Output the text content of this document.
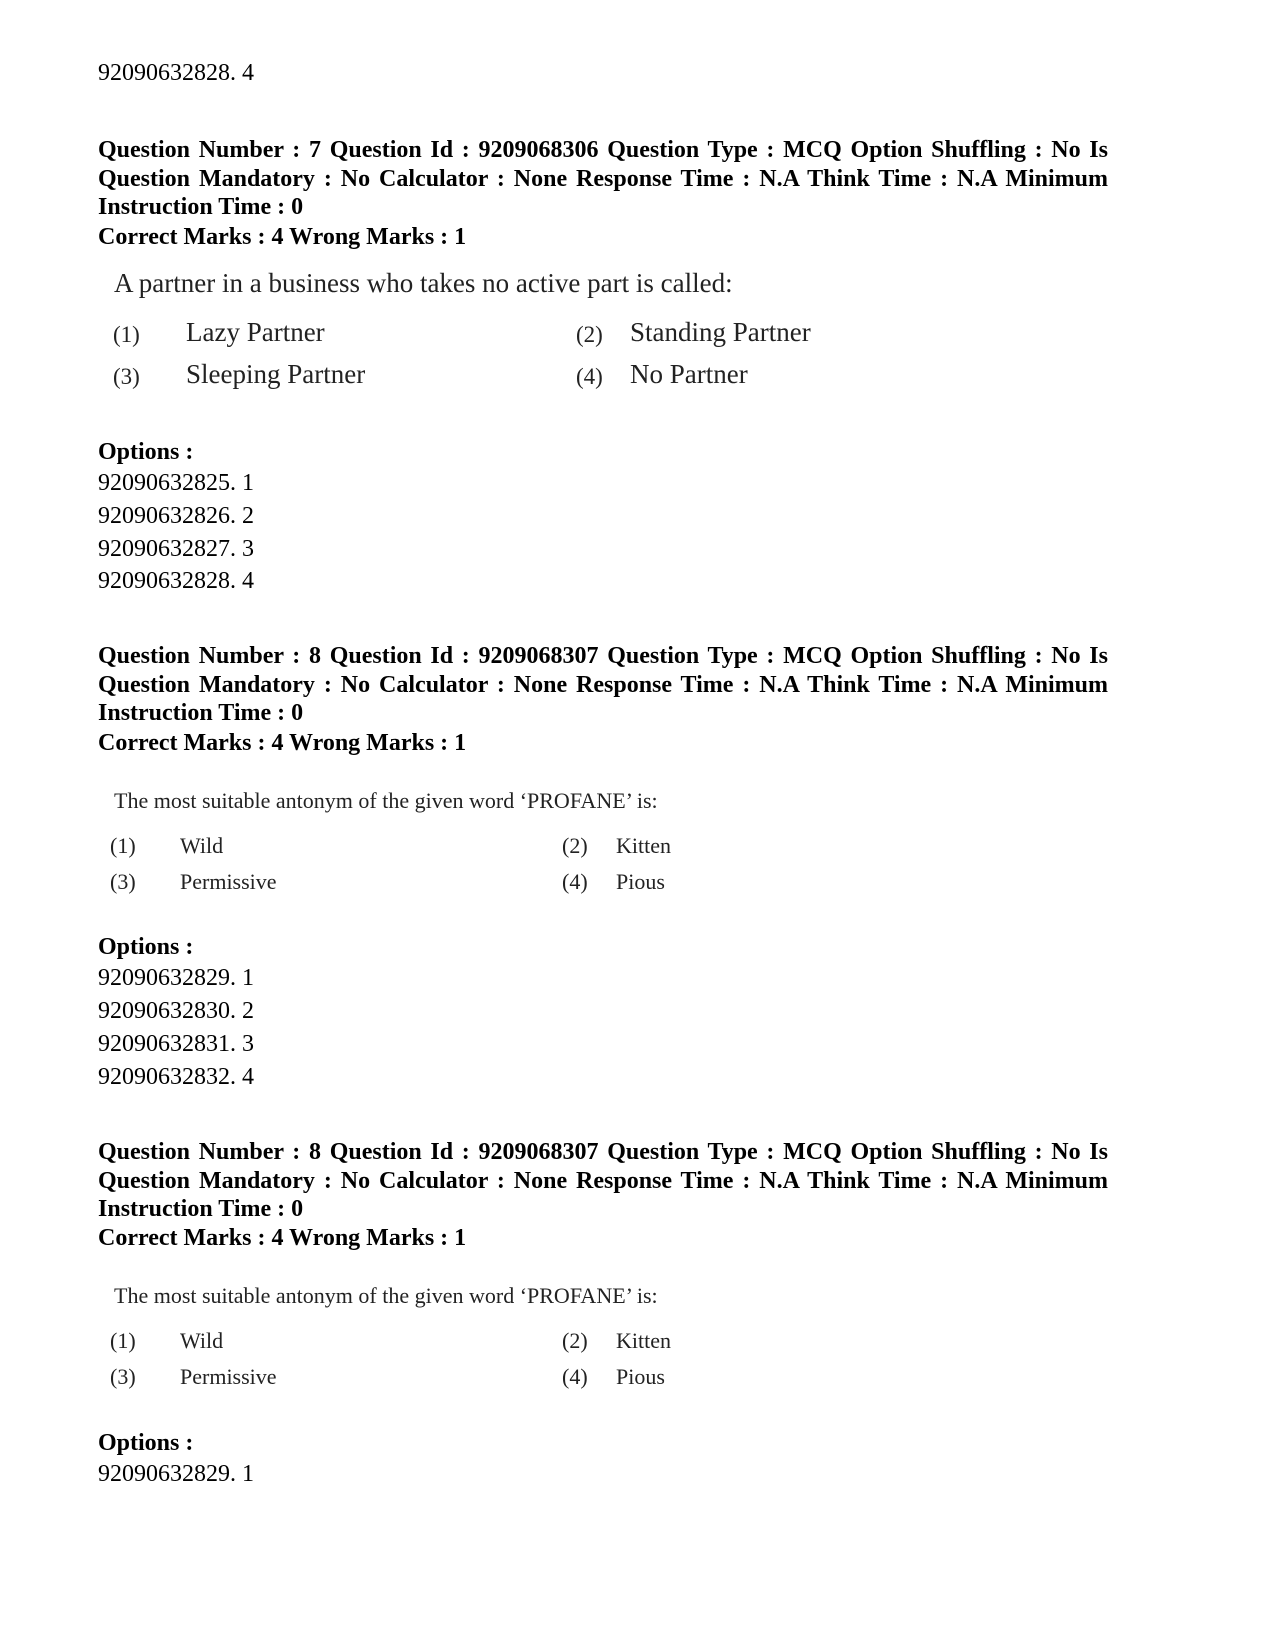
92090632828. 4
Question Number : 7 Question Id : 9209068306 Question Type : MCQ Option Shuffling : No Is Question Mandatory : No Calculator : None Response Time : N.A Think Time : N.A Minimum Instruction Time : 0
Correct Marks : 4 Wrong Marks : 1
A partner in a business who takes no active part is called:
(1) Lazy Partner	(2) Standing Partner
(3) Sleeping Partner	(4) No Partner
Options :
92090632825. 1
92090632826. 2
92090632827. 3
92090632828. 4
Question Number : 8 Question Id : 9209068307 Question Type : MCQ Option Shuffling : No Is Question Mandatory : No Calculator : None Response Time : N.A Think Time : N.A Minimum Instruction Time : 0
Correct Marks : 4 Wrong Marks : 1
The most suitable antonym of the given word ‘PROFANE’ is:
(1) Wild	(2) Kitten
(3) Permissive	(4) Pious
Options :
92090632829. 1
92090632830. 2
92090632831. 3
92090632832. 4
Question Number : 8 Question Id : 9209068307 Question Type : MCQ Option Shuffling : No Is Question Mandatory : No Calculator : None Response Time : N.A Think Time : N.A Minimum Instruction Time : 0
Correct Marks : 4 Wrong Marks : 1
The most suitable antonym of the given word ‘PROFANE’ is:
(1) Wild	(2) Kitten
(3) Permissive	(4) Pious
Options :
92090632829. 1
